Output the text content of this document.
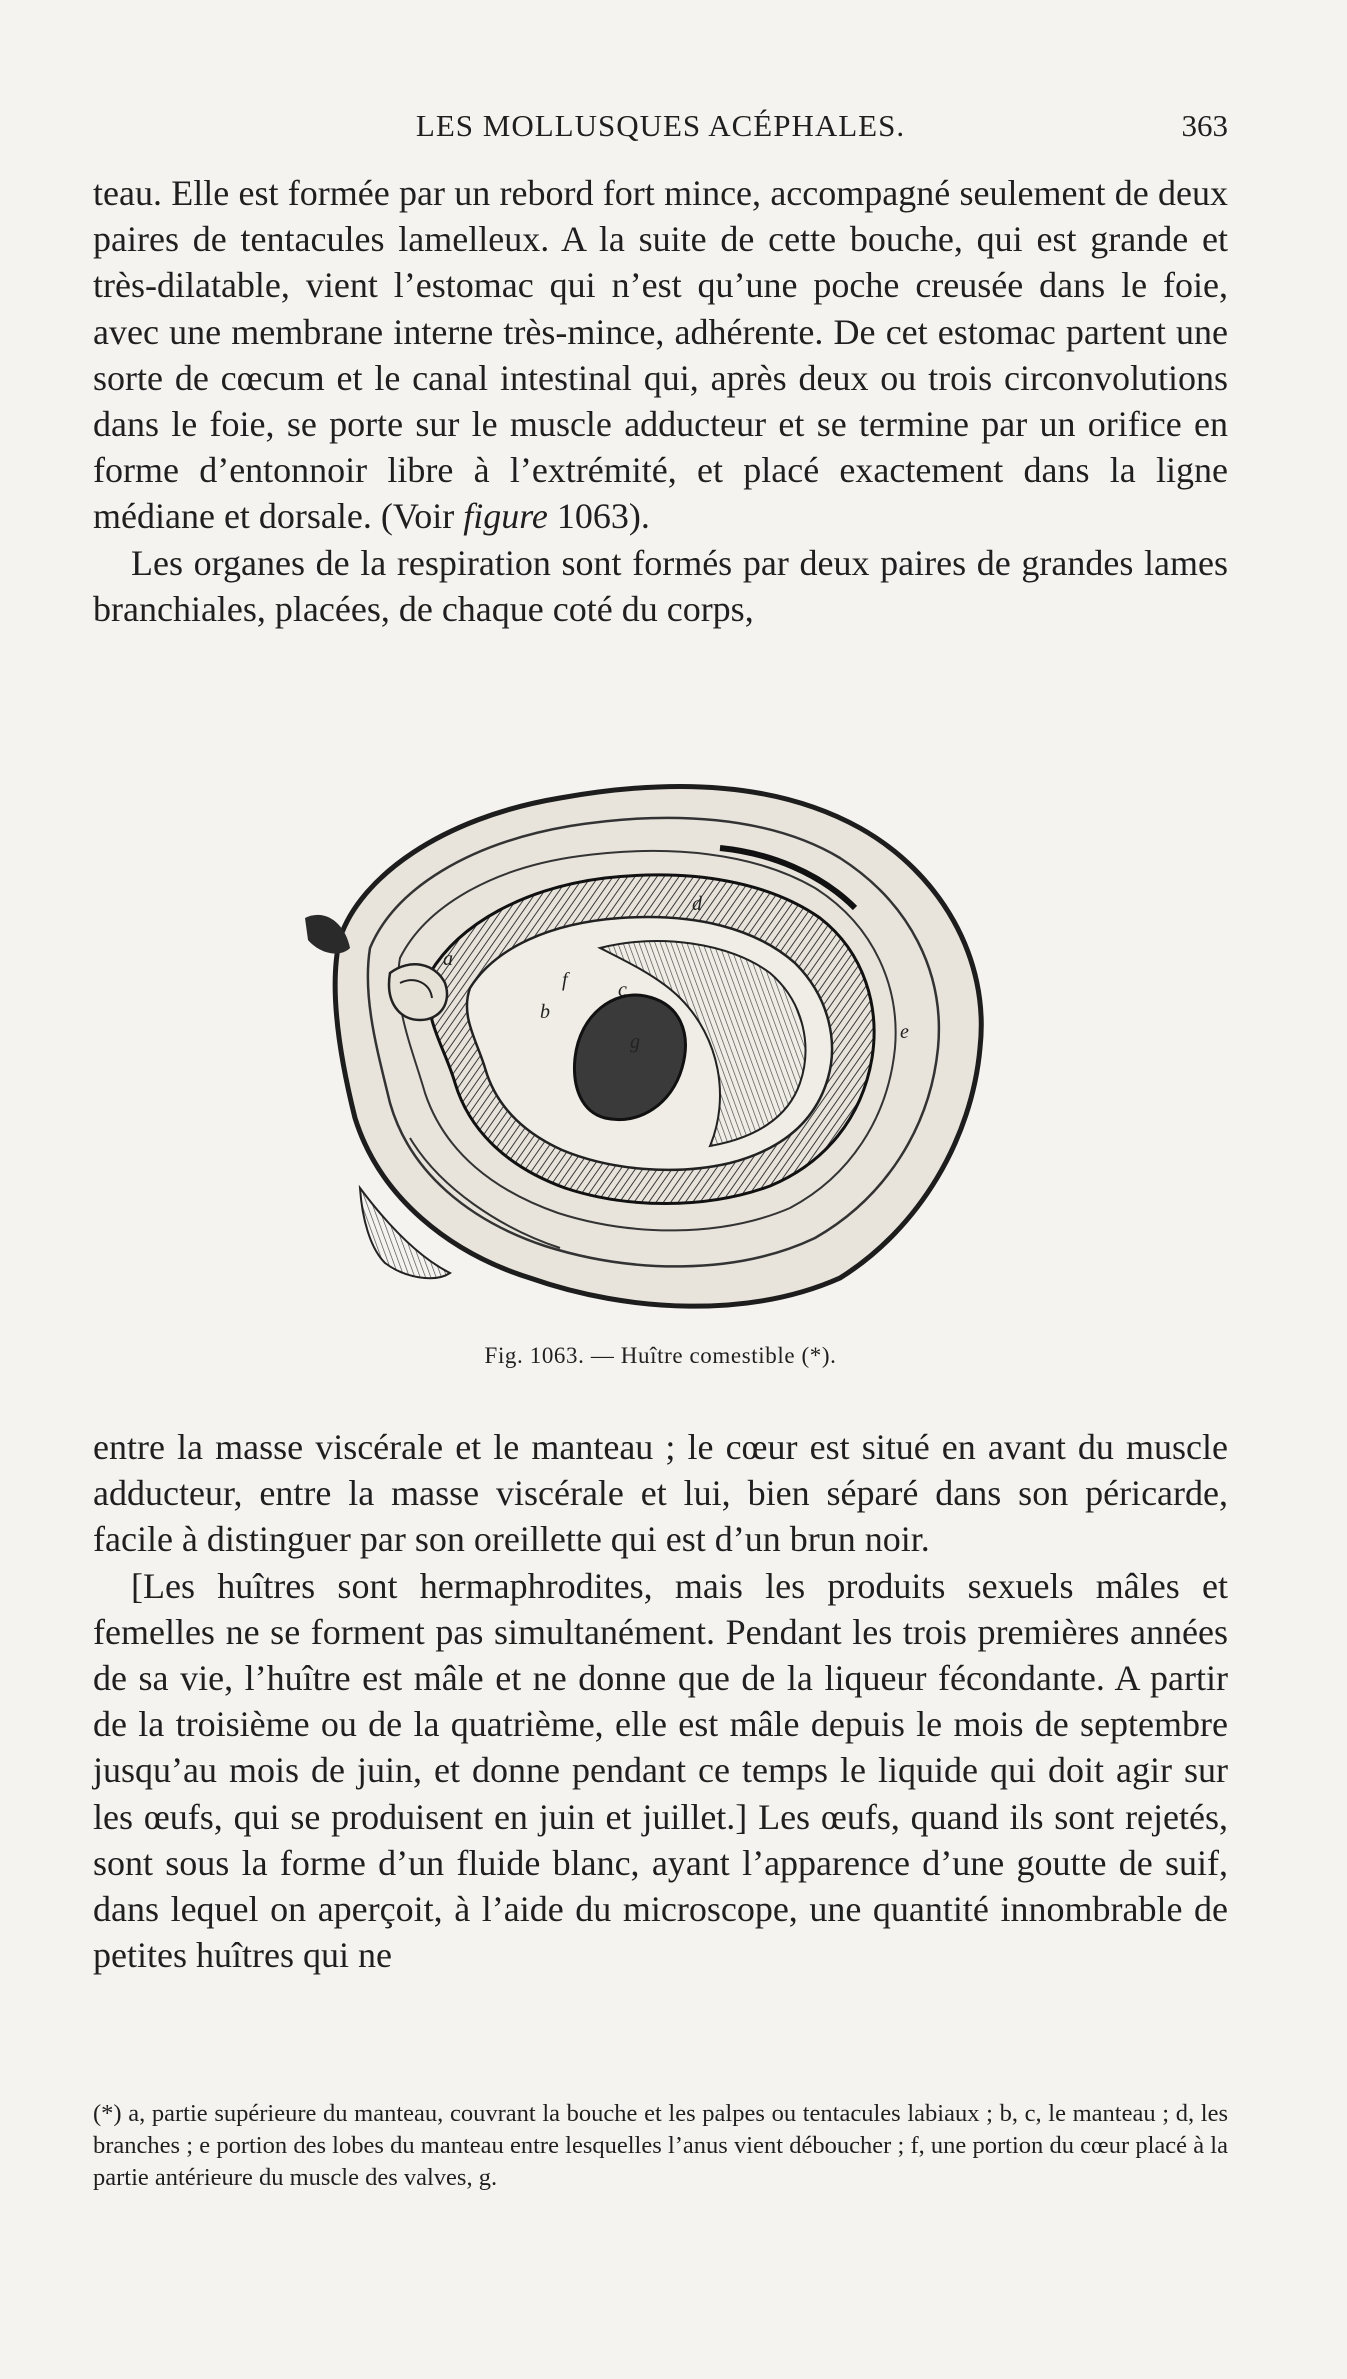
LES MOLLUSQUES ACÉPHALES.	363

teau. Elle est formée par un rebord fort mince, accompagné seulement de deux paires de tentacules lamelleux. A la suite de cette bouche, qui est grande et très-dilatable, vient l’estomac qui n’est qu’une poche creusée dans le foie, avec une membrane interne très-mince, adhérente. De cet estomac partent une sorte de cœcum et le canal intestinal qui, après deux ou trois circonvolutions dans le foie, se porte sur le muscle adducteur et se termine par un orifice en forme d’entonnoir libre à l’extrémité, et placé exactement dans la ligne médiane et dorsale. (Voir figure 1063).

Les organes de la respiration sont formés par deux paires de grandes lames branchiales, placées, de chaque coté du corps,

a
b
c
d
e
f
g
Fig. 1063. — Huître comestible (*).

entre la masse viscérale et le manteau ; le cœur est situé en avant du muscle adducteur, entre la masse viscérale et lui, bien séparé dans son péricarde, facile à distinguer par son oreillette qui est d’un brun noir.

[Les huîtres sont hermaphrodites, mais les produits sexuels mâles et femelles ne se forment pas simultanément. Pendant les trois premières années de sa vie, l’huître est mâle et ne donne que de la liqueur fécondante. A partir de la troisième ou de la quatrième, elle est mâle depuis le mois de septembre jusqu’au mois de juin, et donne pendant ce temps le liquide qui doit agir sur les œufs, qui se produisent en juin et juillet.] Les œufs, quand ils sont rejetés, sont sous la forme d’un fluide blanc, ayant l’apparence d’une goutte de suif, dans lequel on aperçoit, à l’aide du microscope, une quantité innombrable de petites huîtres qui ne

(*) a, partie supérieure du manteau, couvrant la bouche et les palpes ou tentacules labiaux ; b, c, le manteau ; d, les branches ; e portion des lobes du manteau entre lesquelles l’anus vient déboucher ; f, une portion du cœur placé à la partie antérieure du muscle des valves, g.
